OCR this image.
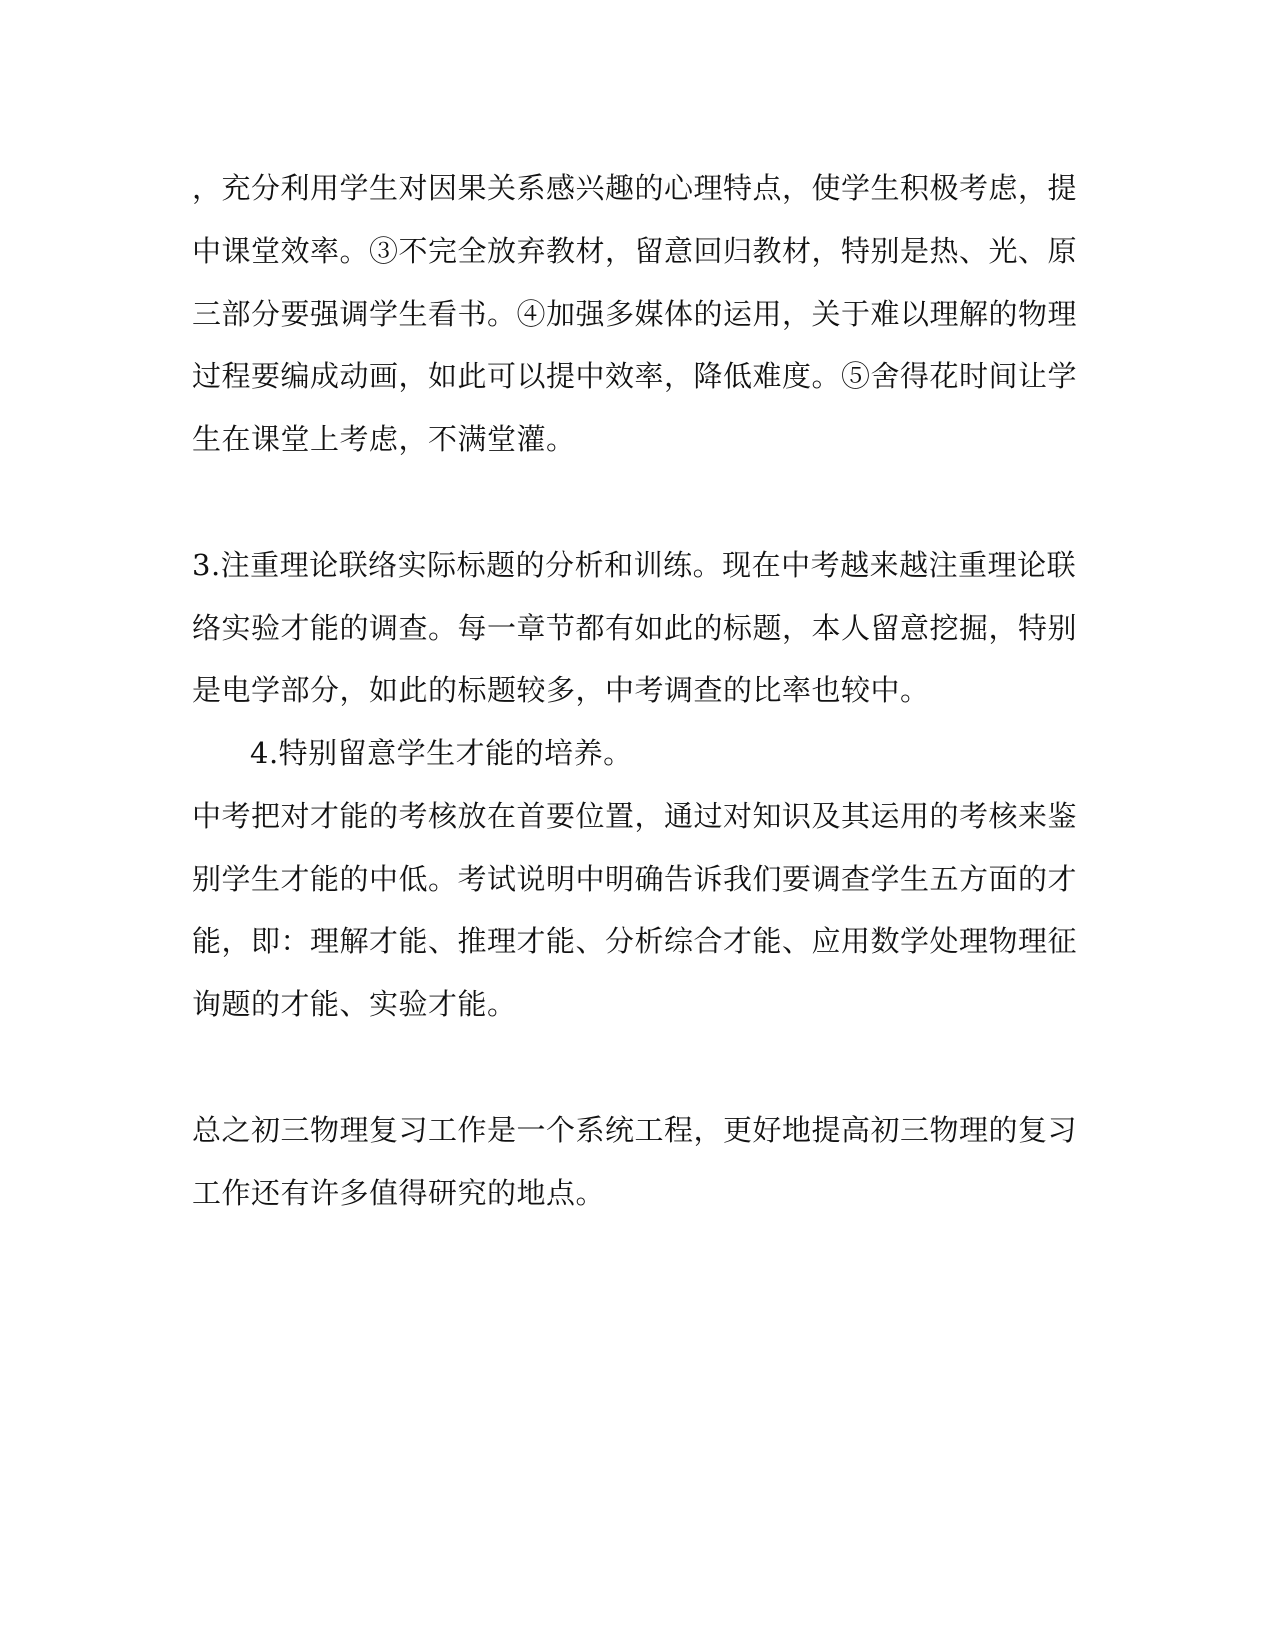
，充分利用学生对因果关系感兴趣的心理特点，使学生积极考虑，提
中课堂效率。③不完全放弃教材，留意回归教材，特别是热、光、原
三部分要强调学生看书。④加强多媒体的运用，关于难以理解的物理
过程要编成动画，如此可以提中效率，降低难度。⑤舍得花时间让学
生在课堂上考虑，不满堂灌。
3.注重理论联络实际标题的分析和训练。现在中考越来越注重理论联
络实验才能的调查。每一章节都有如此的标题，本人留意挖掘，特别
是电学部分，如此的标题较多，中考调查的比率也较中。
4.特别留意学生才能的培养。
中考把对才能的考核放在首要位置，通过对知识及其运用的考核来鉴
别学生才能的中低。考试说明中明确告诉我们要调查学生五方面的才
能，即：理解才能、推理才能、分析综合才能、应用数学处理物理征
询题的才能、实验才能。
总之初三物理复习工作是一个系统工程，更好地提高初三物理的复习
工作还有许多值得研究的地点。
